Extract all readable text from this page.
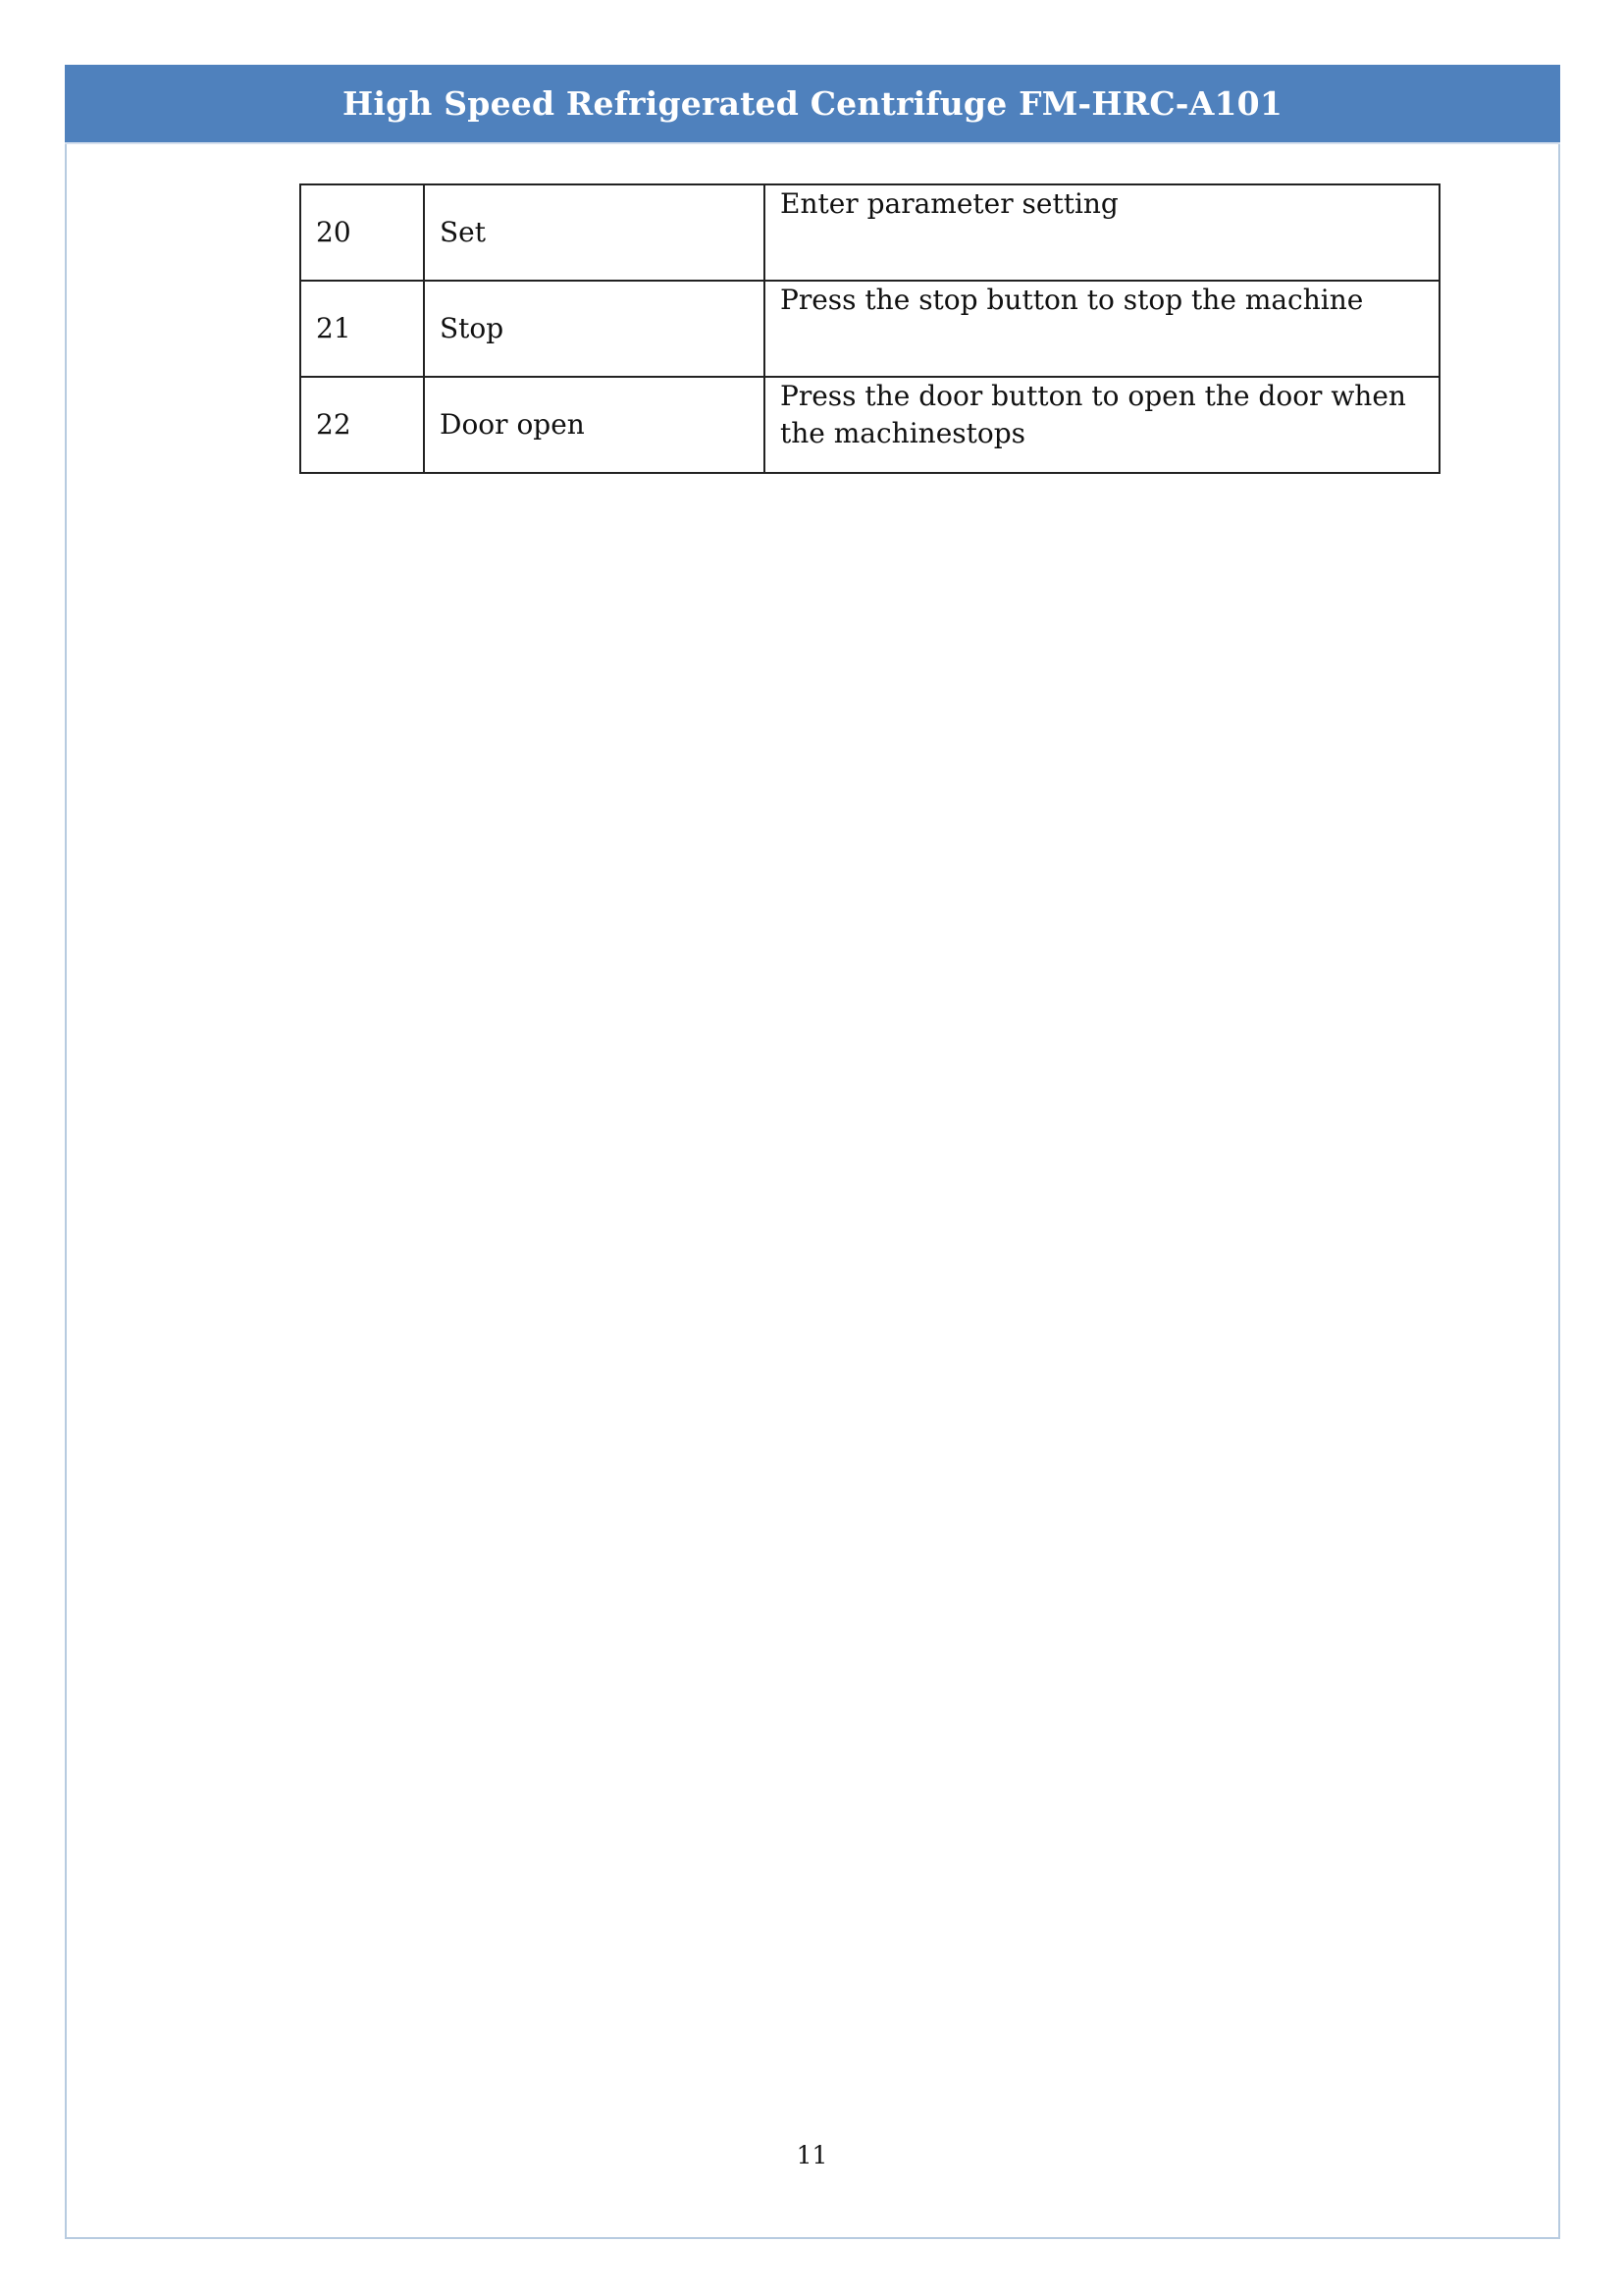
High Speed Refrigerated Centrifuge FM-HRC-A101
20	Set	Enter parameter setting
21	Stop	Press the stop button to stop the machine
22	Door open	Press the door button to open the door when the machinestops
11
